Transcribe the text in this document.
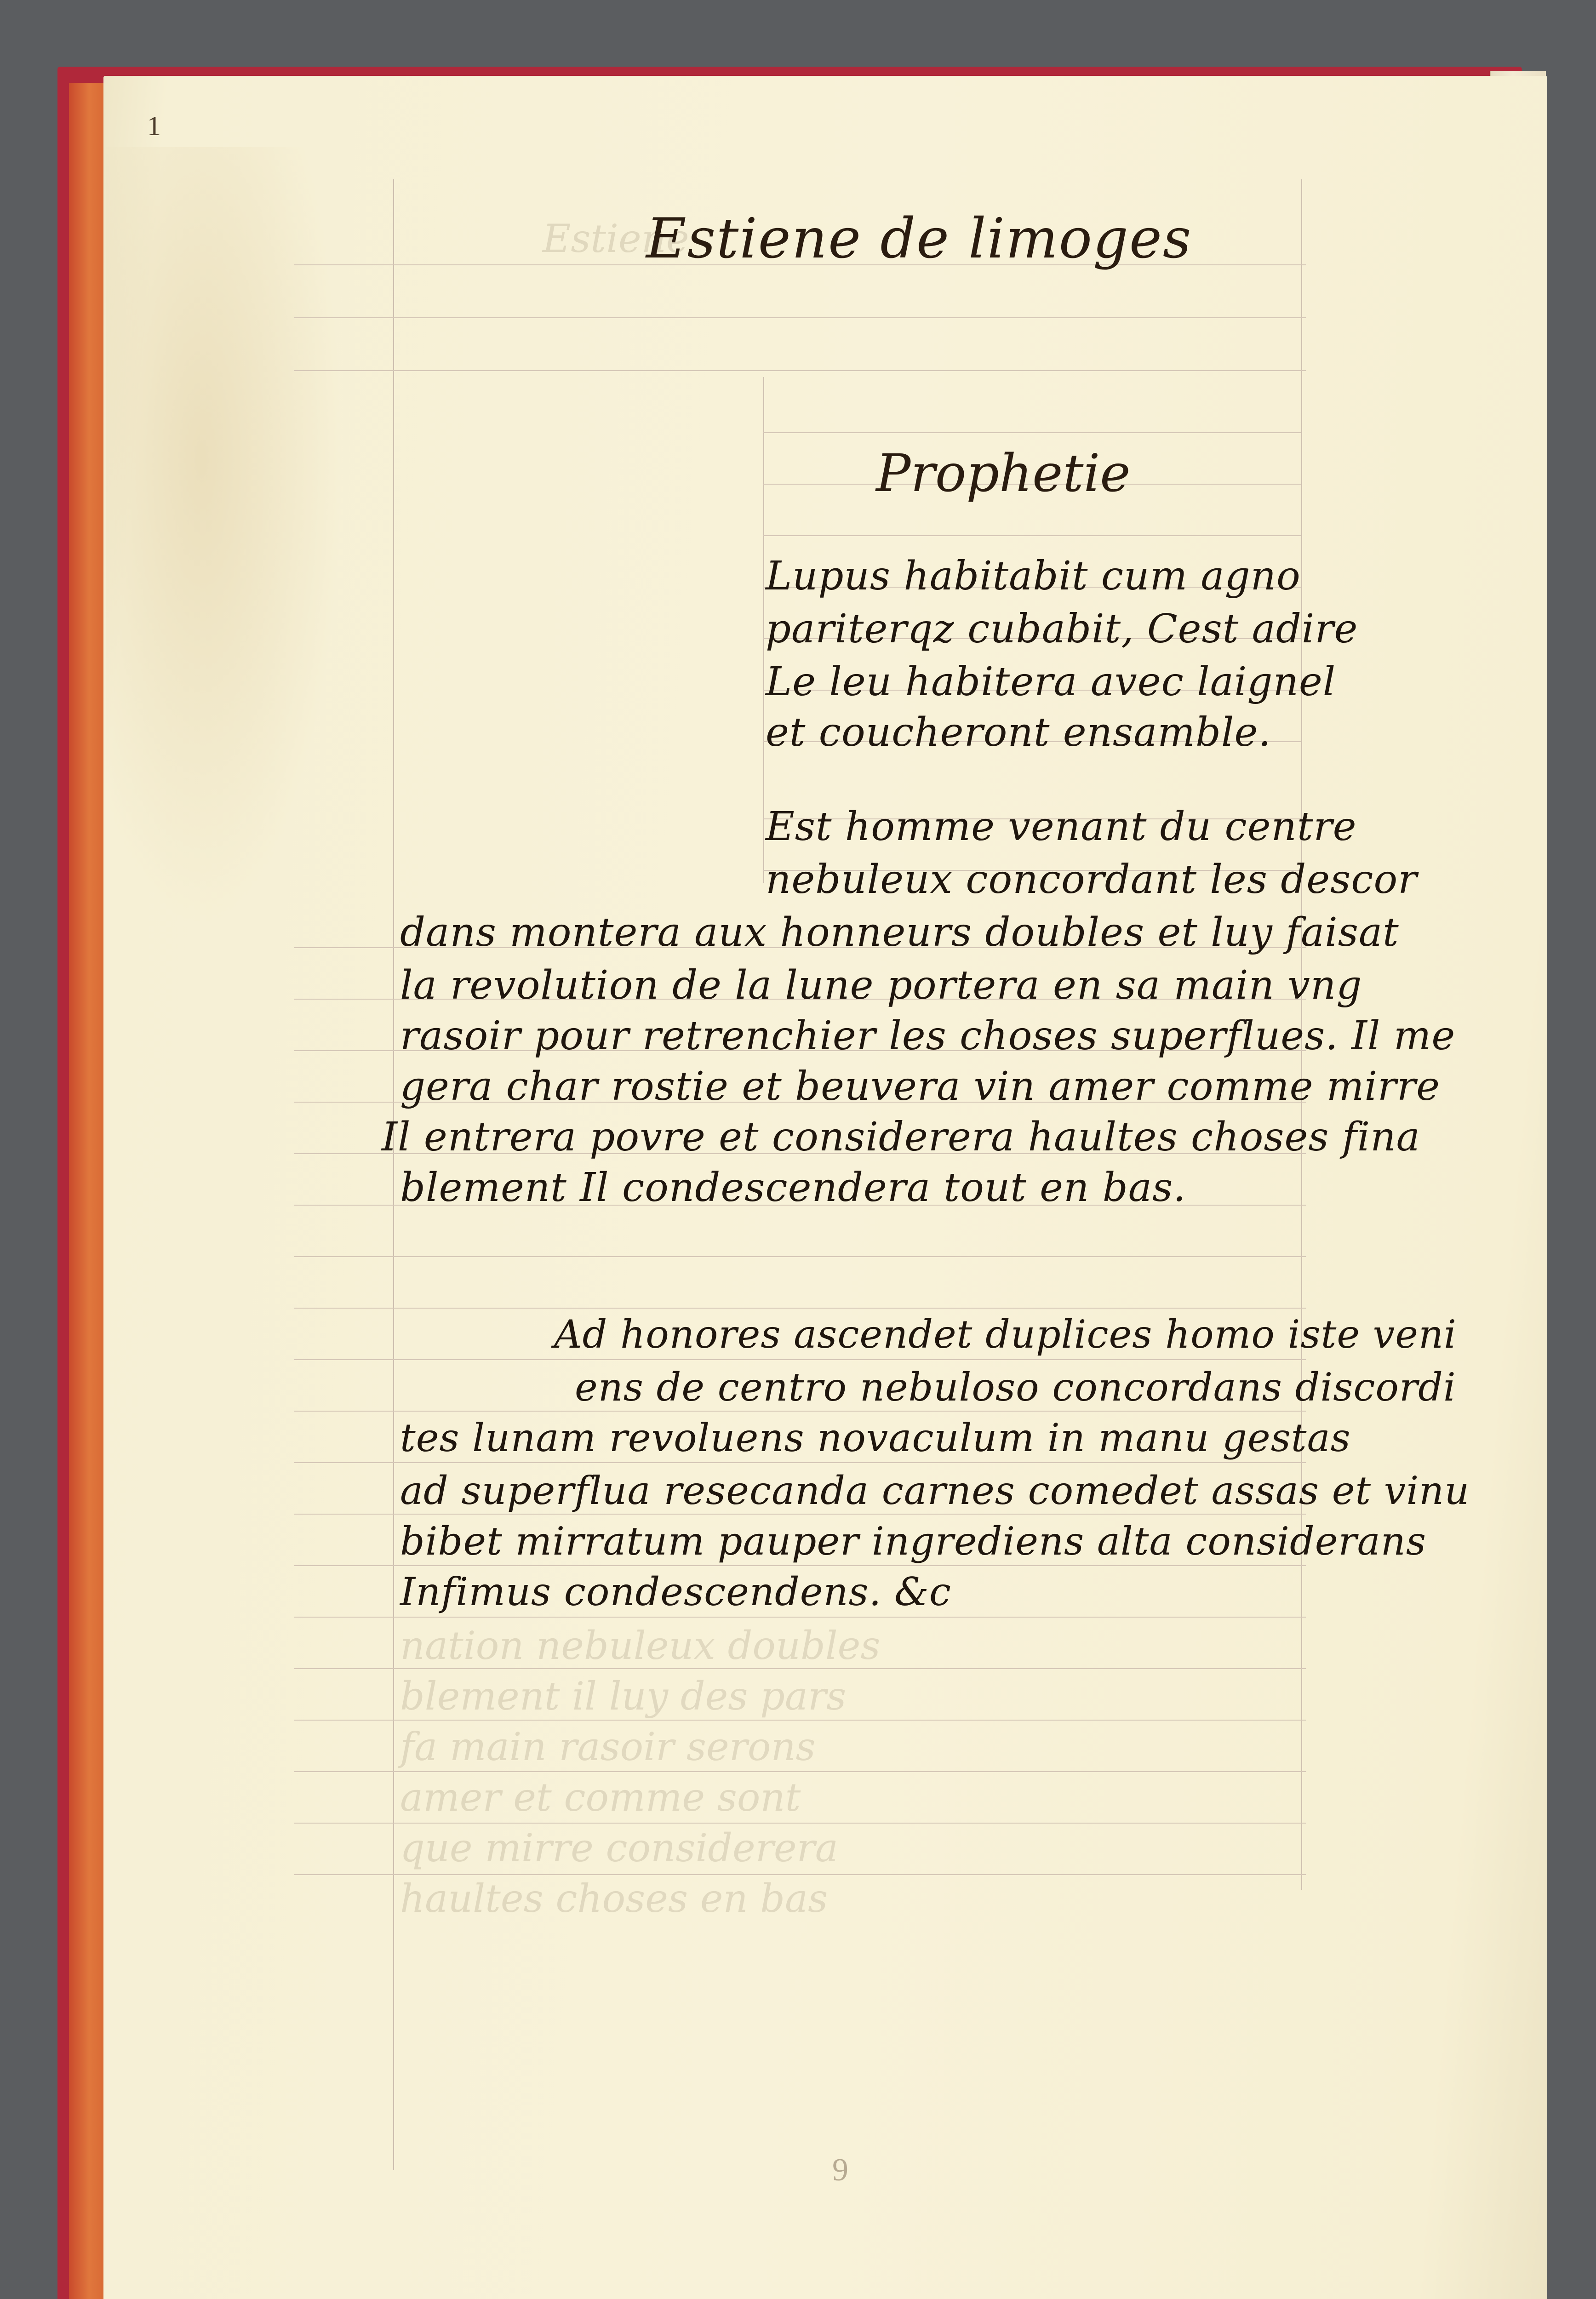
Estiene
nation nebuleux doubles
blement il luy des pars
fa main rasoir serons
amer et comme sont
que mirre considerera
haultes choses en bas
1
Estiene de limoges
Prophetie
Lupus habitabit cum agno
pariterqz cubabit, Cest adire
Le leu habitera avec laignel
et coucheront ensamble.
Est homme venant du centre
nebuleux concordant les descor
dans montera aux honneurs doubles et luy faisat
la revolution de la lune portera en sa main vng
rasoir pour retrenchier les choses superflues. Il me
gera char rostie et beuvera vin amer comme mirre
Il entrera povre et considerera haultes choses fina
blement Il condescendera tout en bas.
Ad honores ascendet duplices homo iste veni
ens de centro nebuloso concordans discordi
tes lunam revoluens novaculum in manu gestas
ad superflua resecanda carnes comedet assas et vinu
bibet mirratum pauper ingrediens alta considerans
Infimus condescendens. &c
9
